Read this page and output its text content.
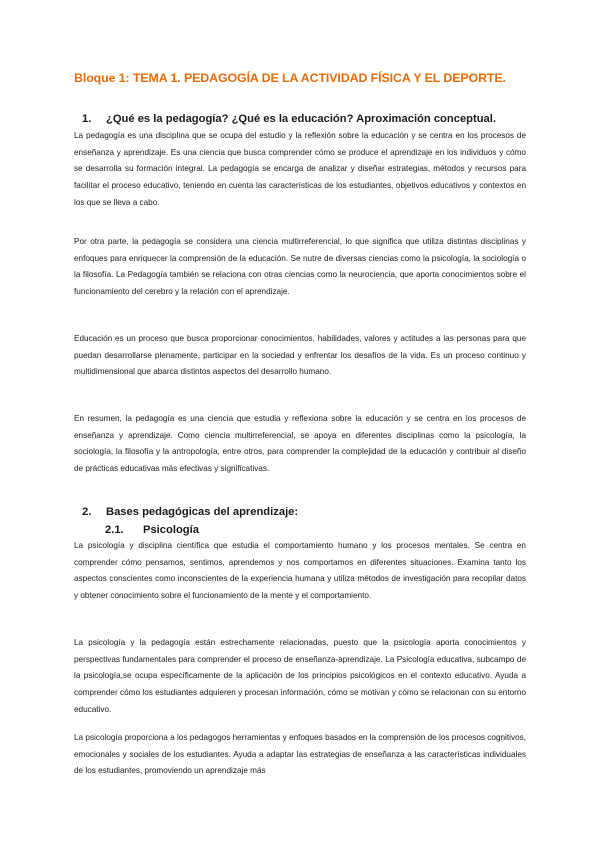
Bloque 1: TEMA 1. PEDAGOGÍA DE LA ACTIVIDAD FÍSICA Y EL DEPORTE.
1. ¿Qué es la pedagogía? ¿Qué es la educación? Aproximación conceptual.

La pedagogía es una disciplina que se ocupa del estudio y la reflexión sobre la educación y se centra en los procesos de enseñanza y aprendizaje. Es una ciencia que busca comprender cómo se produce el aprendizaje en los individuos y cómo se desarrolla su formación integral. La pedagogía se encarga de analizar y diseñar estrategias, métodos y recursos para facilitar el proceso educativo, teniendo en cuenta las características de los estudiantes, objetivos educativos y contextos en los que se lleva a cabo.

Por otra parte, la pedagogía se considera una ciencia multirreferencial, lo que significa que utiliza distintas disciplinas y enfoques para enriquecer la comprensión de la educación. Se nutre de diversas ciencias como la psicología, la sociología o la filosofía. La Pedagogía también se relaciona con otras ciencias como la neurociencia, que aporta conocimientos sobre el funcionamiento del cerebro y la relación con el aprendizaje.

Educación es un proceso que busca proporcionar conocimientos, habilidades, valores y actitudes a las personas para que puedan desarrollarse plenamente, participar en la sociedad y enfrentar los desafíos de la vida. Es un proceso continuo y multidimensional que abarca distintos aspectos del desarrollo humano.

En resumen, la pedagogía es una ciencia que estudia y reflexiona sobre la educación y se centra en los procesos de enseñanza y aprendizaje. Como ciencia multirreferencial, se apoya en diferentes disciplinas como la psicología, la sociología, la filosofía y la antropología, entre otros, para comprender la complejidad de la educación y contribuir al diseño de prácticas educativas más efectivas y significativas.

2. Bases pedagógicas del aprendizaje:
2.1. Psicología

La psicología y disciplina científica que estudia el comportamiento humano y los procesos mentales. Se centra en comprender cómo pensamos, sentimos, aprendemos y nos comportamos en diferentes situaciones. Examina tanto los aspectos conscientes como inconscientes de la experiencia humana y utiliza métodos de investigación para recopilar datos y obtener conocimiento sobre el funcionamiento de la mente y el comportamiento.

La psicología y la pedagogía están estrechamente relacionadas, puesto que la psicología aporta conocimientos y perspectivas fundamentales para comprender el proceso de enseñanza-aprendizaje. La Psicología educativa, subcampo de la psicología,se ocupa específicamente de la aplicación de los principios psicológicos en el contexto educativo. Ayuda a comprender cómo los estudiantes adquieren y procesan información, cómo se motivan y cómo se relacionan con su entorno educativo.

La psicología proporciona a los pedagogos herramientas y enfoques basados en la comprensión de los procesos cognitivos, emocionales y sociales de los estudiantes. Ayuda a adaptar las estrategias de enseñanza a las características individuales de los estudiantes, promoviendo un aprendizaje más
